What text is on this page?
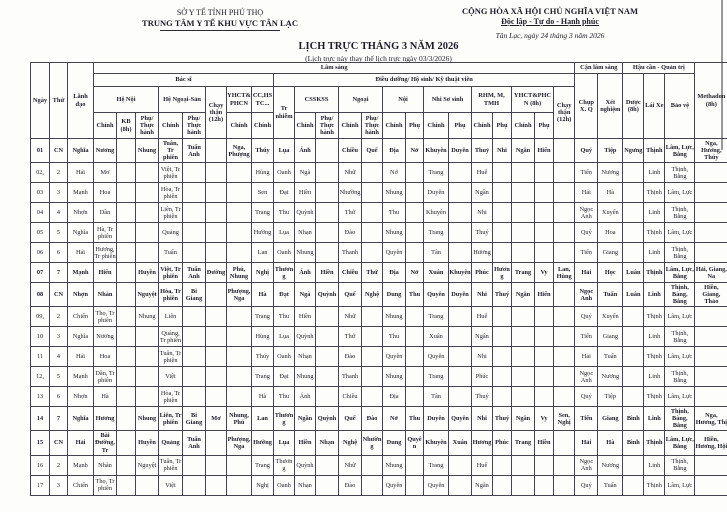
SỞ Y TẾ TỈNH PHÚ THỌ
TRUNG TÂM Y TẾ KHU VỰC TÂN LẠC
CỘNG HÒA XÃ HỘI CHỦ NGHĨA VIỆT NAM
Độc lập - Tự do - Hạnh phúc
Tân Lạc, ngày 24 tháng 3 năm 2026
LỊCH TRỰC THÁNG 3 NĂM 2026
(Lịch trực này thay thế lịch trực ngày 03/3/2026)
Ngày	Thứ	Lãnh đạo	Lâm sàng																						Cận lâm sàng		Hậu cần - Quản trị			Methadon (8h)
			Bác sĩ								Điều dưỡng/ Hộ sinh/ Kỹ thuật viên														Chụp X. Q	Xét nghiệm	Dược (8h)	Lái Xe	Bảo vệ	
			Hệ Nội			Hệ Ngoại-Sản		Chạy thận (12h)	YHCT& PHCN	CC,HS TC...	Tr nhiễm	CSSKSS		Ngoại		Nội		Nhi Sơ sinh		RHM, M, TMH		YHCT&PHCN (8h)		Chạy thận (12h)						
			Chính	KB (8h)	Phụ/ Thực hành	Chính	Phụ/ Thực hành		Chính	Chính		Chính	Phụ/ Thực hành	Chính	Phụ/ Thực hành	Chính	Phụ	Chính	Phụ	Chính	Phụ	Chính	Phụ							
01	CN	Nghĩa	Nương		Nhung	Tuân, Tr phiên	Tuấn Anh		Nga, Phượng	Thúy	Lụa	Ánh		Chiều	Quế	Địa	Nở	Khuyên	Duyên	Thuỷ	Nhi	Ngân	Hiển		Quý	Tiệp	Ngưng	Thịnh	Lâm, Lực, Bằng	Nga, Hương, Thúy
02,	2	Hải	Mơ			Việt, Tr phiên				Hùng	Oanh	Ngà		Nhữ		Nở		Trang		Huế					Tiến	Nương		Linh	Thịnh, Bằng	
03	3	Mạnh	Hoa			Hòa, Tr phiên				Sen	Đạt	Hiền		Nhường		Nhung		Duyên		Ngần					Hải	Hà		Thịnh	Lâm, Lực	
04	4	Nhợn	Dần			Liên, Tr phiên				Trang	Thu	Quỳnh		Thứ		Thu		Khuyên		Nhi					Ngọc Anh	Xuyến		Linh	Thịnh, Bằng	
05	5	Nghĩa	Hà, Tr phiên			Quảng				Hường	Lụa	Nhạn		Đào		Nhung		Trang		Thuý					Quý	Hoa		Thịnh	Lâm, Lực	
06	6	Hải	Hương, Tr phiên			Tuấn				Lan	Oanh	Nhung		Thanh		Quyên		Tân		Hương					Tiến	Giang		Linh	Thịnh, Bằng	
07	7	Mạnh	Hiển		Huyền	Việt, Tr phiên	Tuấn Anh	Đường	Phú, Nhung	Nghị	Thương	Ánh	Hiền	Chiều	Thứ	Địa	Nở	Xuân	Khuyên	Phúc	Hương	Trang	Vy	Lan, Hùng	Hải	Học	Luân	Thịnh	Lâm, Lực, Bằng	Hải, Giang, Na
08	CN	Nhợn	Nhàn		Nguyệt	Hòa, Tr phiên	Bi Giang		Phượng, Nga	Hà	Đạt	Ngà	Quỳnh	Quế	Nghệ	Dung	Thu	Quyên	Duyên	Nhi	Thuý	Ngân	Hiển		Ngọc Anh	Tuấn	Luân	Linh	Thịnh, Bàng, Bằng	Hiền, Giang, Thảo
09,	2	Chiến	Thọ, Tr phiên		Nhung	Liên				Trang	Thu	Hiền		Nhữ		Nhung		Trang		Huế					Quý	Xuyến		Thịnh	Lâm, Lực	
10	3	Nghĩa	Nương			Quảng, Tr phiên				Hùng	Lụa	Quỳnh		Thứ		Thu		Xuân		Ngân					Tiến	Giang		Linh	Thịnh, Bằng	
11	4	Hải	Hoa			Tuân, Tr phiên				Thúy	Oanh	Nhạn		Đào		Quyên		Quyên		Nhi					Hải	Tuấn		Thịnh	Lâm, Lực	
12,	5	Mạnh	Dần, Tr phiên			Việt				Trang	Đạt	Nhung		Thanh		Nhung		Trang		Phúc					Ngọc Anh	Nương		Linh	Thịnh, Bằng	
13	6	Nhợn	Hà			Hòa, Tr phiên				Hà	Thu	Ánh		Chiều		Địa		Tân		Thuý					Quý	Tiệp		Thịnh	Lâm, Lực	
14	7	Nghĩa	Hương		Nhung	Liên, Tr phiên	Bi Giang	Mơ	Nhung, Phú	Lan	Thương	Ngần	Quỳnh	Quế	Đào	Nở	Thu	Duyên	Quyên	Nhi	Thuý	Ngân	Vy	Sen, Nghị	Tiến	Giang	Bình	Linh	Thịnh, Bàng, Bằng	Nga, Hương, Thị
15	CN	Hải	Bài Đường, Tr		Huyền	Quảng	Tuấn Anh		Phượng, Nga	Hường	Lụa	Hiền	Nhạn	Nghệ	Nhường	Dung	Quyên	Khuyên	Xuân	Hương	Phúc	Trang	Hiền		Hải	Hà	Bình	Thịnh	Lâm, Lực, Bằng	Hiền, Hương, Hội
16	2	Mạnh	Nhàn		Nguyệt	Tuân, Tr phiên				Trang	Thương	Quỳnh		Nhữ		Nhung		Trang		Huế					Ngọc Anh	Nương		Linh	Thịnh, Bằng	
17	3	Chiến	Thọ, Tr phiên			Việt				Nghị	Oanh	Nhạn		Đào		Quyên		Quyên		Ngân					Quý	Tuấn		Thịnh	Lâm, Lực	
